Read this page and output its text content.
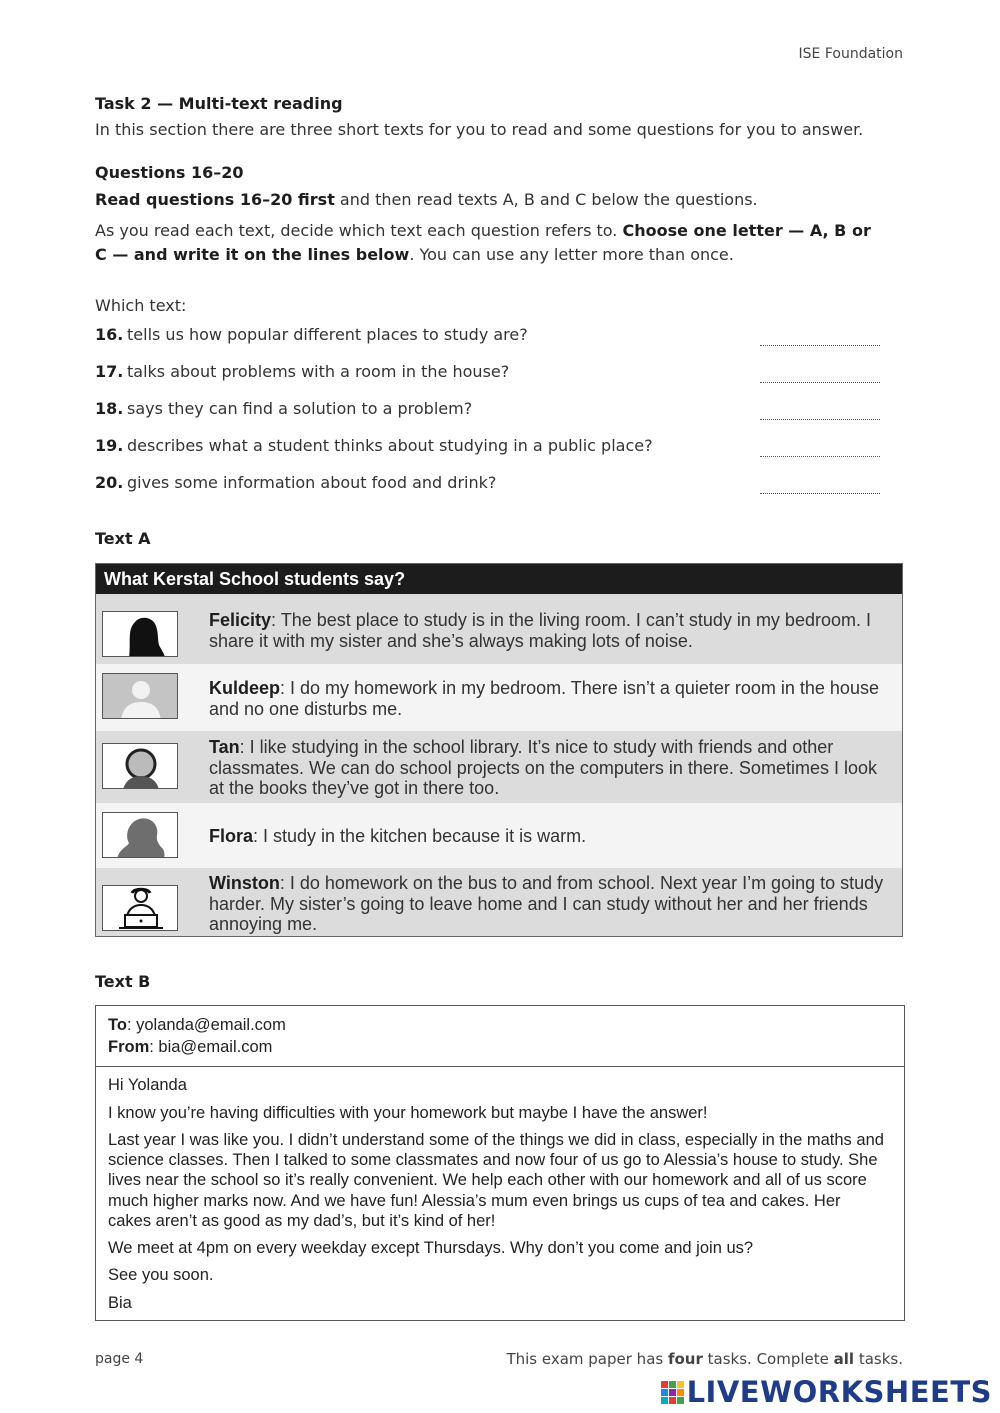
ISE Foundation
Task 2 — Multi-text reading
In this section there are three short texts for you to read and some questions for you to answer.
Questions 16–20
Read questions 16–20 first and then read texts A, B and C below the questions.
As you read each text, decide which text each question refers to. Choose one letter — A, B or C — and write it on the lines below. You can use any letter more than once.
Which text:
16. tells us how popular different places to study are?
17. talks about problems with a room in the house?
18. says they can find a solution to a problem?
19. describes what a student thinks about studying in a public place?
20. gives some information about food and drink?
Text A
What Kerstal School students say?
Felicity: The best place to study is in the living room. I can’t study in my bedroom. I share it with my sister and she’s always making lots of noise.
Kuldeep: I do my homework in my bedroom. There isn’t a quieter room in the house and no one disturbs me.
Tan: I like studying in the school library. It’s nice to study with friends and other classmates. We can do school projects on the computers in there. Sometimes I look at the books they’ve got in there too.
Flora: I study in the kitchen because it is warm.
Winston: I do homework on the bus to and from school. Next year I’m going to study harder. My sister’s going to leave home and I can study without her and her friends annoying me.
Text B

To: yolanda@email.com

From: bia@email.com

Hi Yolanda

I know you’re having difficulties with your homework but maybe I have the answer!

Last year I was like you. I didn’t understand some of the things we did in class, especially in the maths and science classes. Then I talked to some classmates and now four of us go to Alessia’s house to study. She lives near the school so it’s really convenient. We help each other with our homework and all of us score much higher marks now. And we have fun! Alessia’s mum even brings us cups of tea and cakes. Her cakes aren’t as good as my dad’s, but it’s kind of her!

We meet at 4pm on every weekday except Thursdays. Why don’t you come and join us?

See you soon.

Bia

page 4	This exam paper has four tasks. Complete all tasks.
LIVEWORKSHEETS
